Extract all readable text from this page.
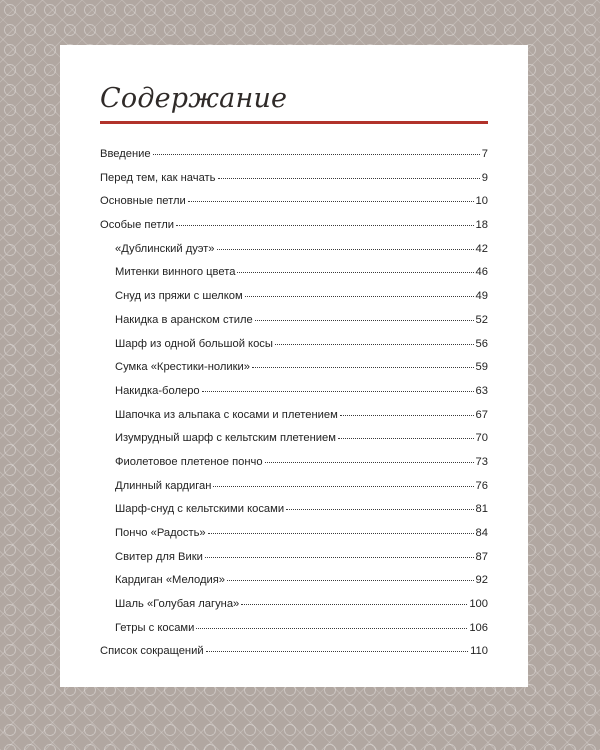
Содержание
Введение	7
Перед тем, как начать	9
Основные петли	10
Особые петли	18
«Дублинский дуэт»	42
Митенки винного цвета	46
Снуд из пряжи с шелком	49
Накидка в аранском стиле	52
Шарф из одной большой косы	56
Сумка «Крестики-нолики»	59
Накидка-болеро	63
Шапочка из альпака с косами и плетением	67
Изумрудный шарф с кельтским плетением	70
Фиолетовое плетеное пончо	73
Длинный кардиган	76
Шарф-снуд с кельтскими косами	81
Пончо «Радость»	84
Свитер для Вики	87
Кардиган «Мелодия»	92
Шаль «Голубая лагуна»	100
Гетры с косами	106
Список сокращений	110
